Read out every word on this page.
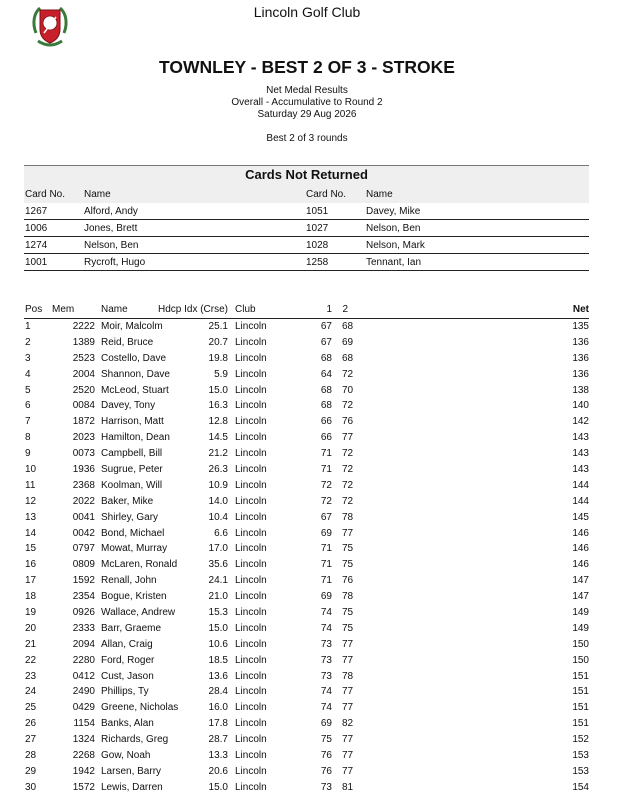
Lincoln Golf Club
TOWNLEY - BEST 2 OF 3 - STROKE
Net Medal Results
Overall - Accumulative to Round 2
Saturday 29 Aug 2026
Best 2 of 3 rounds
Cards Not Returned
Card No. Name	Card No. Name
1267	Alford, Andy	1051	Davey, Mike
1006	Jones, Brett	1027	Nelson, Ben
1274	Nelson, Ben	1028	Nelson, Mark
1001	Rycroft, Hugo	1258	Tennant, Ian
Pos Mem	Name	Hdcp Idx (Crse) Club	1 2	Net
1	2222 Moir, Malcolm	25.1 Lincoln	67 68	135
2	1389 Reid, Bruce	20.7 Lincoln	67 69	136
3	2523 Costello, Dave	19.8 Lincoln	68 68	136
4	2004 Shannon, Dave	5.9 Lincoln	64 72	136
5	2520 McLeod, Stuart	15.0 Lincoln	68 70	138
6	0084 Davey, Tony	16.3 Lincoln	68 72	140
7	1872 Harrison, Matt	12.8 Lincoln	66 76	142
8	2023 Hamilton, Dean	14.5 Lincoln	66 77	143
9	0073 Campbell, Bill	21.2 Lincoln	71 72	143
10	1936 Sugrue, Peter	26.3 Lincoln	71 72	143
11	2368 Koolman, Will	10.9 Lincoln	72 72	144
12	2022 Baker, Mike	14.0 Lincoln	72 72	144
13	0041 Shirley, Gary	10.4 Lincoln	67 78	145
14	0042 Bond, Michael	6.6 Lincoln	69 77	146
15	0797 Mowat, Murray	17.0 Lincoln	71 75	146
16	0809 McLaren, Ronald	35.6 Lincoln	71 75	146
17	1592 Renall, John	24.1 Lincoln	71 76	147
18	2354 Bogue, Kristen	21.0 Lincoln	69 78	147
19	0926 Wallace, Andrew	15.3 Lincoln	74 75	149
20	2333 Barr, Graeme	15.0 Lincoln	74 75	149
21	2094 Allan, Craig	10.6 Lincoln	73 77	150
22	2280 Ford, Roger	18.5 Lincoln	73 77	150
23	0412 Cust, Jason	13.6 Lincoln	73 78	151
24	2490 Phillips, Ty	28.4 Lincoln	74 77	151
25	0429 Greene, Nicholas	16.0 Lincoln	74 77	151
26	1154 Banks, Alan	17.8 Lincoln	69 82	151
27	1324 Richards, Greg	28.7 Lincoln	75 77	152
28	2268 Gow, Noah	13.3 Lincoln	76 77	153
29	1942 Larsen, Barry	20.6 Lincoln	76 77	153
30	1572 Lewis, Darren	15.0 Lincoln	73 81	154
